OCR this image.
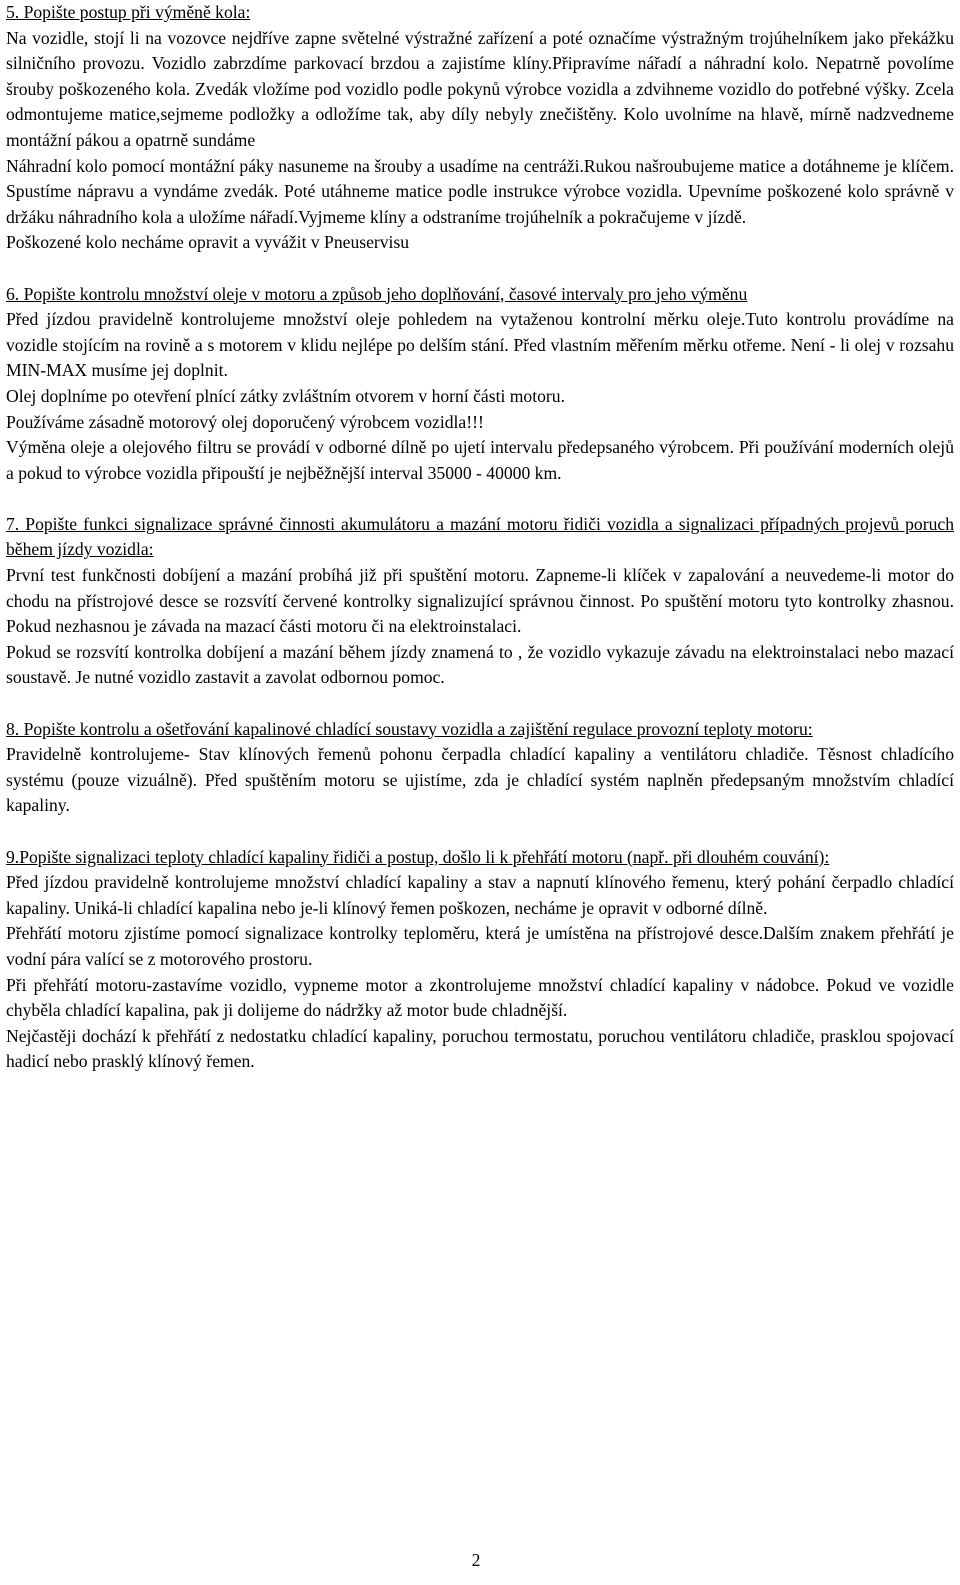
5. Popište postup při výměně kola:

Na vozidle, stojí li na vozovce nejdříve zapne světelné výstražné zařízení a poté označíme výstražným trojúhelníkem jako překážku silničního provozu. Vozidlo zabrzdíme parkovací brzdou a zajistíme klíny.Připravíme nářadí a náhradní kolo. Nepatrně povolíme šrouby poškozeného kola. Zvedák vložíme pod vozidlo podle pokynů výrobce vozidla a zdvihneme vozidlo do potřebné výšky. Zcela odmontujeme matice,sejmeme podložky a odložíme tak, aby díly nebyly znečištěny. Kolo uvolníme na hlavě, mírně nadzvedneme montážní pákou a opatrně sundáme

Náhradní kolo pomocí montážní páky nasuneme na šrouby a usadíme na centráži.Rukou našroubujeme matice a dotáhneme je klíčem. Spustíme nápravu a vyndáme zvedák. Poté utáhneme matice podle instrukce výrobce vozidla. Upevníme poškozené kolo správně v držáku náhradního kola a uložíme nářadí.Vyjmeme klíny a odstraníme trojúhelník a pokračujeme v jízdě.

Poškozené kolo necháme opravit a vyvážit v Pneuservisu

6. Popište kontrolu množství oleje v motoru a způsob jeho doplňování, časové intervaly pro jeho výměnu

Před jízdou pravidelně kontrolujeme množství oleje pohledem na vytaženou kontrolní měrku oleje.Tuto kontrolu provádíme na vozidle stojícím na rovině a s motorem v klidu nejlépe po delším stání. Před vlastním měřením měrku otřeme. Není - li olej v rozsahu MIN-MAX musíme jej doplnit.

Olej doplníme po otevření plnící zátky zvláštním otvorem v horní části motoru.

Používáme zásadně motorový olej doporučený výrobcem vozidla!!!

Výměna oleje a olejového filtru se provádí v odborné dílně po ujetí intervalu předepsaného výrobcem. Při používání moderních olejů a pokud to výrobce vozidla připouští je nejběžnější interval 35000 - 40000 km.

7. Popište funkci signalizace správné činnosti akumulátoru a mazání motoru řidiči vozidla a signalizaci případných projevů poruch během jízdy vozidla:

První test funkčnosti dobíjení a mazání probíhá již při spuštění motoru. Zapneme-li klíček v zapalování a neuvedeme-li motor do chodu na přístrojové desce se rozsvítí červené kontrolky signalizující správnou činnost. Po spuštění motoru tyto kontrolky zhasnou. Pokud nezhasnou je závada na mazací části motoru či na elektroinstalaci.

Pokud se rozsvítí kontrolka dobíjení a mazání během jízdy znamená to , že vozidlo vykazuje závadu na elektroinstalaci nebo mazací soustavě. Je nutné vozidlo zastavit a zavolat odbornou pomoc.

8. Popište kontrolu a ošetřování kapalinové chladící soustavy vozidla a zajištění regulace provozní teploty motoru:

Pravidelně kontrolujeme- Stav klínových řemenů pohonu čerpadla chladící kapaliny a ventilátoru chladiče. Těsnost chladícího systému (pouze vizuálně). Před spuštěním motoru se ujistíme, zda je chladící systém naplněn předepsaným množstvím chladící kapaliny.

9.Popište signalizaci teploty chladící kapaliny řidiči a postup, došlo li k přehřátí motoru (např. při dlouhém couvání):

Před jízdou pravidelně kontrolujeme množství chladící kapaliny a stav a napnutí klínového řemenu, který pohání čerpadlo chladící kapaliny. Uniká-li chladící kapalina nebo je-li klínový řemen poškozen, necháme je opravit v odborné dílně.

Přehřátí motoru zjistíme pomocí signalizace kontrolky teploměru, která je umístěna na přístrojové desce.Dalším znakem přehřátí je vodní pára valící se z motorového prostoru.

Při přehřátí motoru-zastavíme vozidlo, vypneme motor a zkontrolujeme množství chladící kapaliny v nádobce. Pokud ve vozidle chyběla chladící kapalina, pak ji dolijeme do nádržky až motor bude chladnější.

Nejčastěji dochází k přehřátí z nedostatku chladící kapaliny, poruchou termostatu, poruchou ventilátoru chladiče, prasklou spojovací hadicí nebo prasklý klínový řemen.

2
